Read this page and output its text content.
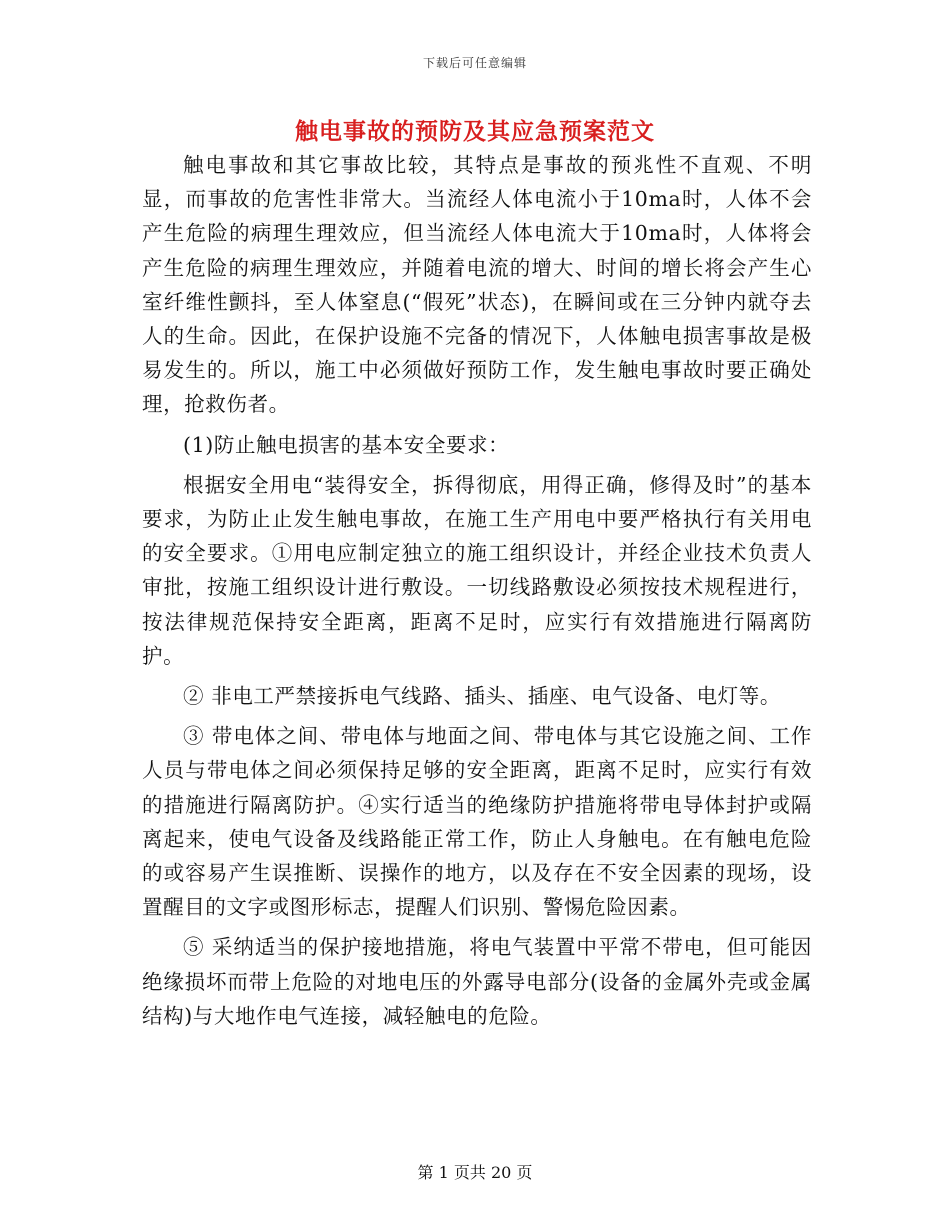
下载后可任意编辑
触电事故的预防及其应急预案范文

触电事故和其它事故比较，其特点是事故的预兆性不直观、不明显，而事故的危害性非常大。当流经人体电流小于10ma时，人体不会产生危险的病理生理效应，但当流经人体电流大于10ma时，人体将会产生危险的病理生理效应，并随着电流的增大、时间的增长将会产生心室纤维性颤抖，至人体窒息(“假死”状态)，在瞬间或在三分钟内就夺去人的生命。因此，在保护设施不完备的情况下，人体触电损害事故是极易发生的。所以，施工中必须做好预防工作，发生触电事故时要正确处理，抢救伤者。

(1)防止触电损害的基本安全要求：

根据安全用电“装得安全，拆得彻底，用得正确，修得及时”的基本要求，为防止止发生触电事故，在施工生产用电中要严格执行有关用电的安全要求。①用电应制定独立的施工组织设计，并经企业技术负责人审批，按施工组织设计进行敷设。一切线路敷设必须按技术规程进行，按法律规范保持安全距离，距离不足时，应实行有效措施进行隔离防护。

② 非电工严禁接拆电气线路、插头、插座、电气设备、电灯等。

③ 带电体之间、带电体与地面之间、带电体与其它设施之间、工作人员与带电体之间必须保持足够的安全距离，距离不足时，应实行有效的措施进行隔离防护。④实行适当的绝缘防护措施将带电导体封护或隔离起来，使电气设备及线路能正常工作，防止人身触电。在有触电危险的或容易产生误推断、误操作的地方，以及存在不安全因素的现场，设置醒目的文字或图形标志，提醒人们识别、警惕危险因素。

⑤ 采纳适当的保护接地措施，将电气装置中平常不带电，但可能因绝缘损坏而带上危险的对地电压的外露导电部分(设备的金属外壳或金属结构)与大地作电气连接，减轻触电的危险。

第 1 页共 20 页
